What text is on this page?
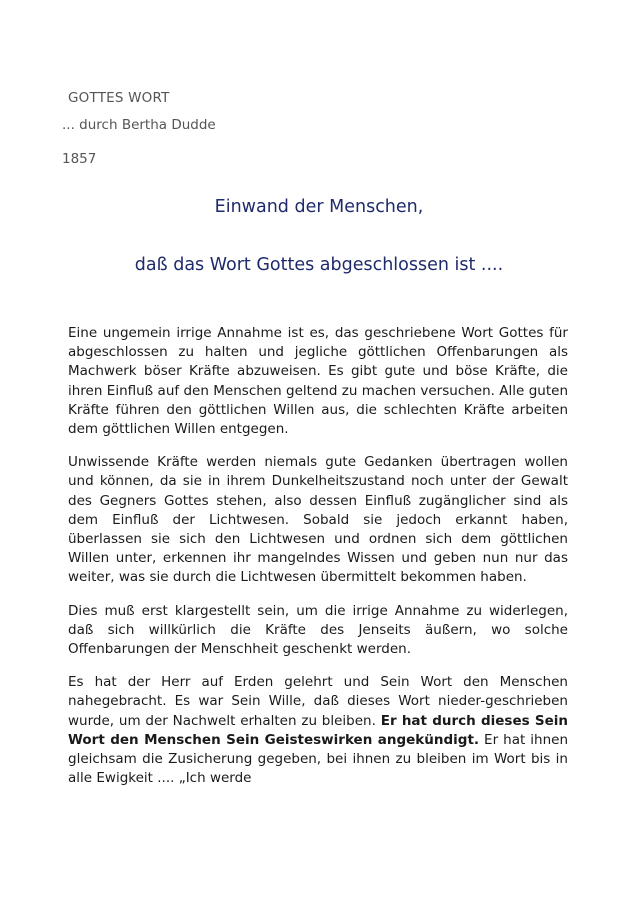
GOTTES WORT
... durch Bertha Dudde
1857
Einwand der Menschen,
daß das Wort Gottes abgeschlossen ist ....

Eine ungemein irrige Annahme ist es, das geschriebene Wort Gottes für abgeschlossen zu halten und jegliche göttlichen Offenbarungen als Machwerk böser Kräfte abzuweisen. Es gibt gute und böse Kräfte, die ihren Einfluß auf den Menschen geltend zu machen versuchen. Alle guten Kräfte führen den göttlichen Willen aus, die schlechten Kräfte arbeiten dem göttlichen Willen entgegen.

Unwissende Kräfte werden niemals gute Gedanken übertragen wollen und können, da sie in ihrem Dunkelheitszustand noch unter der Gewalt des Gegners Gottes stehen, also dessen Einfluß zugänglicher sind als dem Einfluß der Lichtwesen. Sobald sie jedoch erkannt haben, überlassen sie sich den Lichtwesen und ordnen sich dem göttlichen Willen unter, erkennen ihr mangelndes Wissen und geben nun nur das weiter, was sie durch die Lichtwesen übermittelt bekommen haben.

Dies muß erst klargestellt sein, um die irrige Annahme zu widerlegen, daß sich willkürlich die Kräfte des Jenseits äußern, wo solche Offenbarungen der Menschheit geschenkt werden.

Es hat der Herr auf Erden gelehrt und Sein Wort den Menschen nahegebracht. Es war Sein Wille, daß dieses Wort nieder-geschrieben wurde, um der Nachwelt erhalten zu bleiben. Er hat durch dieses Sein Wort den Menschen Sein Geisteswirken angekündigt. Er hat ihnen gleichsam die Zusicherung gegeben, bei ihnen zu bleiben im Wort bis in alle Ewigkeit .... „Ich werde
